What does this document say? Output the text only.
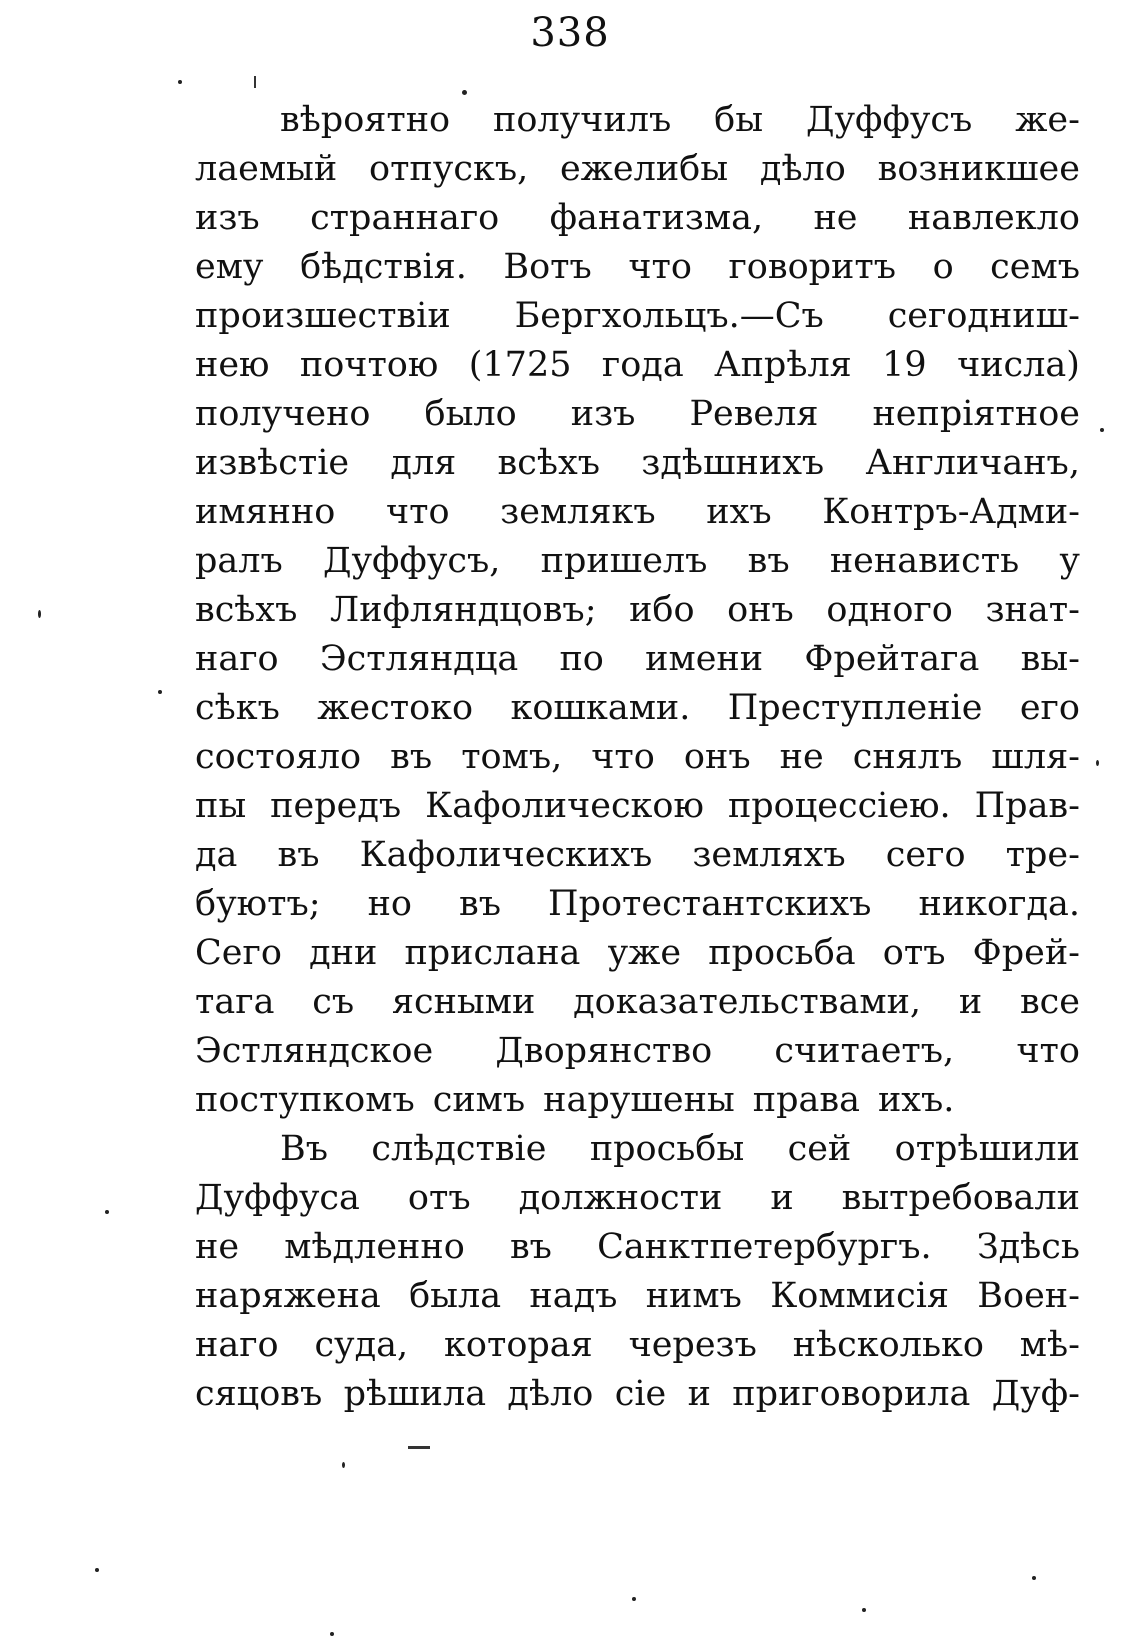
338
вѣроятно получилъ бы Дуффусъ же-
лаемый отпускъ, ежелибы дѣло возникшее
изъ страннаго фанатизма, не навлекло
ему бѣдствія. Вотъ что говоритъ о семъ
произшествіи Бергхольцъ.—Съ сегодниш-
нею почтою (1725 года Апрѣля 19 числа)
получено было изъ Ревеля непріятное
извѣстіе для всѣхъ здѣшнихъ Англичанъ,
имянно что землякъ ихъ Контръ-Адми-
ралъ Дуффусъ, пришелъ въ ненависть у
всѣхъ Лифляндцовъ; ибо онъ одного знат-
наго Эстляндца по имени Фрейтага вы-
сѣкъ жестоко кошками. Преступленіе его
состояло въ томъ, что онъ не снялъ шля-
пы передъ Кафолическою процессіею. Прав-
да въ Кафолическихъ земляхъ сего тре-
буютъ; но въ Протестантскихъ никогда.
Сего дни прислана уже просьба отъ Фрей-
тага съ ясными доказательствами, и все
Эстляндское Дворянство считаетъ, что
поступкомъ симъ нарушены права ихъ.
Въ слѣдствіе просьбы сей отрѣшили
Дуффуса отъ должности и вытребовали
не мѣдленно въ Санктпетербургъ. Здѣсь
наряжена была надъ нимъ Коммисія Воен-
наго суда, которая черезъ нѣсколько мѣ-
сяцовъ рѣшила дѣло сіе и приговорила Дуф-
